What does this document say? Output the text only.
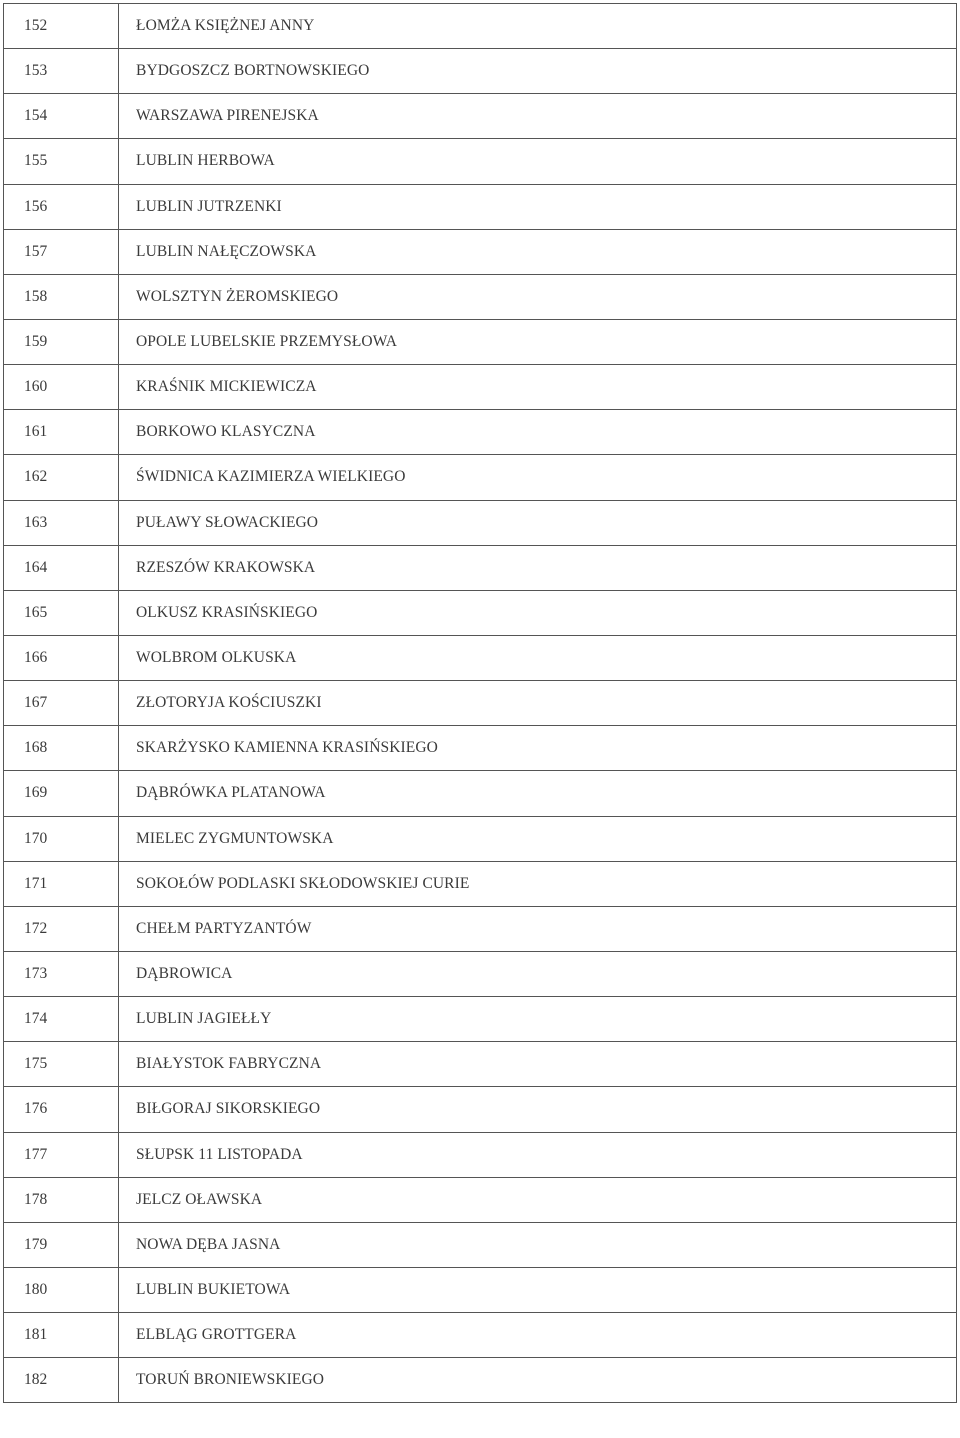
152	ŁOMŻA KSIĘŻNEJ ANNY
153	BYDGOSZCZ BORTNOWSKIEGO
154	WARSZAWA PIRENEJSKA
155	LUBLIN HERBOWA
156	LUBLIN JUTRZENKI
157	LUBLIN NAŁĘCZOWSKA
158	WOLSZTYN ŻEROMSKIEGO
159	OPOLE LUBELSKIE PRZEMYSŁOWA
160	KRAŚNIK MICKIEWICZA
161	BORKOWO KLASYCZNA
162	ŚWIDNICA KAZIMIERZA WIELKIEGO
163	PUŁAWY SŁOWACKIEGO
164	RZESZÓW KRAKOWSKA
165	OLKUSZ KRASIŃSKIEGO
166	WOLBROM OLKUSKA
167	ZŁOTORYJA KOŚCIUSZKI
168	SKARŻYSKO KAMIENNA KRASIŃSKIEGO
169	DĄBRÓWKA PLATANOWA
170	MIELEC ZYGMUNTOWSKA
171	SOKOŁÓW PODLASKI SKŁODOWSKIEJ CURIE
172	CHEŁM PARTYZANTÓW
173	DĄBROWICA
174	LUBLIN JAGIEŁŁY
175	BIAŁYSTOK FABRYCZNA
176	BIŁGORAJ SIKORSKIEGO
177	SŁUPSK 11 LISTOPADA
178	JELCZ OŁAWSKA
179	NOWA DĘBA JASNA
180	LUBLIN BUKIETOWA
181	ELBLĄG GROTTGERA
182	TORUŃ BRONIEWSKIEGO
